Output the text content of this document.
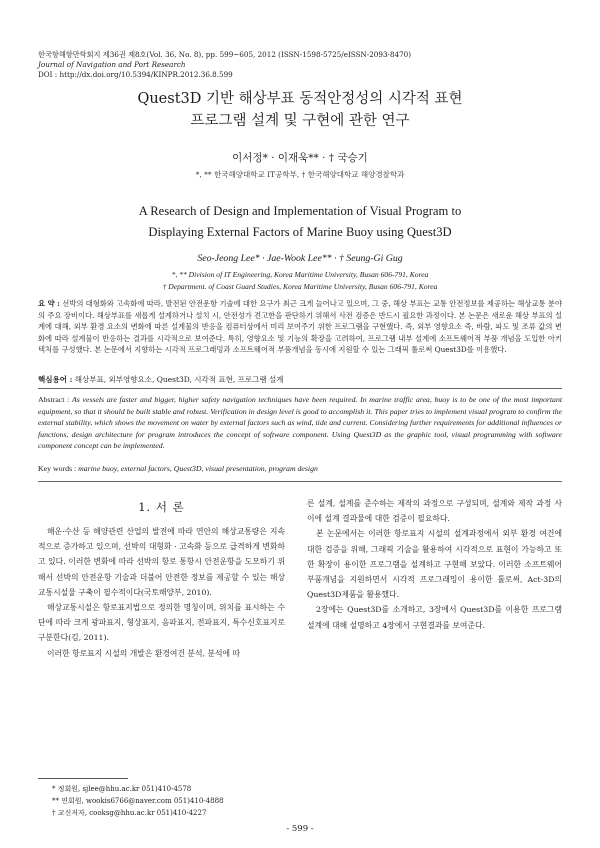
한국항해항만학회지 제36권 제8호(Vol. 36, No. 8), pp. 599~605, 2012 (ISSN-1598-5725/eISSN-2093-8470)
Journal of Navigation and Port Research
DOI : http://dx.doi.org/10.5394/KINPR.2012.36.8.599
Quest3D 기반 해상부표 동적안정성의 시각적 표현
프로그램 설계 및 구현에 관한 연구
이서정* · 이재욱** · † 국승기
*, ** 한국해양대학교 IT공학부, † 한국해양대학교 해양경찰학과
A Research of Design and Implementation of Visual Program to
Displaying External Factors of Marine Buoy using Quest3D
Seo-Jeong Lee* · Jae-Wook Lee** · † Seung-Gi Gug
*, ** Division of IT Engineering, Korea Maritime University, Busan 606-791, Korea
† Department. of Coast Guard Studies, Korea Maritime University, Busan 606-791, Korea
요 약 : 선박의 대형화와 고속화에 따라, 발전된 안전운항 기술에 대한 요구가 최근 크게 늘어나고 있으며, 그 중, 해상 부표는 교통 안전정보를 제공하는 해상교통 분야의 주요 장비이다. 해상부표를 새롭게 설계하거나 설치 시, 안전성가 견고한을 판단하기 위해서 사전 검증은 반드시 필요한 과정이다. 본 논문은 새로운 해상 부표의 설계에 대해, 외부 환경 요소의 변화에 따른 설계물의 반응을 컴퓨터상에서 미리 보여주기 위한 프로그램을 구현했다. 즉, 외부 영향요소 즉, 바람, 파도 및 조류 값의 변화에 따라 설계물이 반응하는 결과를 시각적으로 보여준다. 특히, 영향요소 및 기능의 확장을 고려하여, 프로그램 내부 설계에 소프트웨어적 부품 개념을 도입한 아키텍처를 구성했다. 본 논문에서 지향하는 시각적 프로그래밍과 소프트웨어적 부품개념을 동시에 지원할 수 있는 그래픽 툴로써 Quest3D를 이용했다.
핵심용어 : 해상부표, 외부영향요소, Quest3D, 시각적 표현, 프로그램 설계
Abstract : As vessels are faster and bigger, higher safety navigation techniques have been required. In marine traffic area, buoy is to be one of the most important equipment, so that it should be built stable and robust. Verification in design level is good to accomplish it. This paper tries to implement visual program to confirm the external stability, which shows the movement on water by external factors such as wind, tide and current. Considering further requirements for additional influences or functions, design architecture for program introduces the concept of software component. Using Quest3D as the graphic tool, visual programming with software component concept can be implemented.
Key words : marine buoy, external factors, Quest3D, visual presentation, program design
1. 서 론

해운·수산 등 해양관련 산업의 발전에 따라 연안의 해상교통량은 지속적으로 증가하고 있으며, 선박의 대형화 · 고속화 등으로 급격하게 변화하고 있다. 이러한 변화에 따라 선박의 항로 통항시 안전운항을 도모하기 위해서 선박의 안전운항 기술과 더불어 안전한 정보를 제공할 수 있는 해상교통시설물 구축이 필수적이다(국토해양부, 2010).

해상교통시설은 항로표지법으로 정의한 명칭이며, 위치를 표시하는 수단에 따라 크게 광파표지, 형상표지, 음파표지, 전파표지, 특수신호표지로 구분한다(김, 2011).

이러한 항로표지 시설의 개발은 환경여건 분석, 분석에 따

른 설계, 설계를 준수하는 제작의 과정으로 구성되며, 설계와 제작 과정 사이에 설계 결과물에 대한 검증이 필요하다.

본 논문에서는 이러한 항로표지 시설의 설계과정에서 외부 환경 여건에 대한 검증을 위해, 그래픽 기술을 활용하여 시각적으로 표현이 가능하고 또한 확장이 용이한 프로그램을 설계하고 구현해 보았다. 이러한 소프트웨어 부품개념을 지원하면서 시각적 프로그래밍이 용이한 툴로써, Act-3D의 Quest3D제품을 활용했다.

2장에는 Quest3D를 소개하고, 3장에서 Quest3D를 이용한 프로그램 설계에 대해 설명하고 4장에서 구현결과를 보여준다.

* 정회원, sjlee@hhu.ac.kr 051)410-4578
** 연회원, wookis6766@naver.com 051)410-4888
† 교신저자, cooksg@hhu.ac.kr 051)410-4227
- 599 -
